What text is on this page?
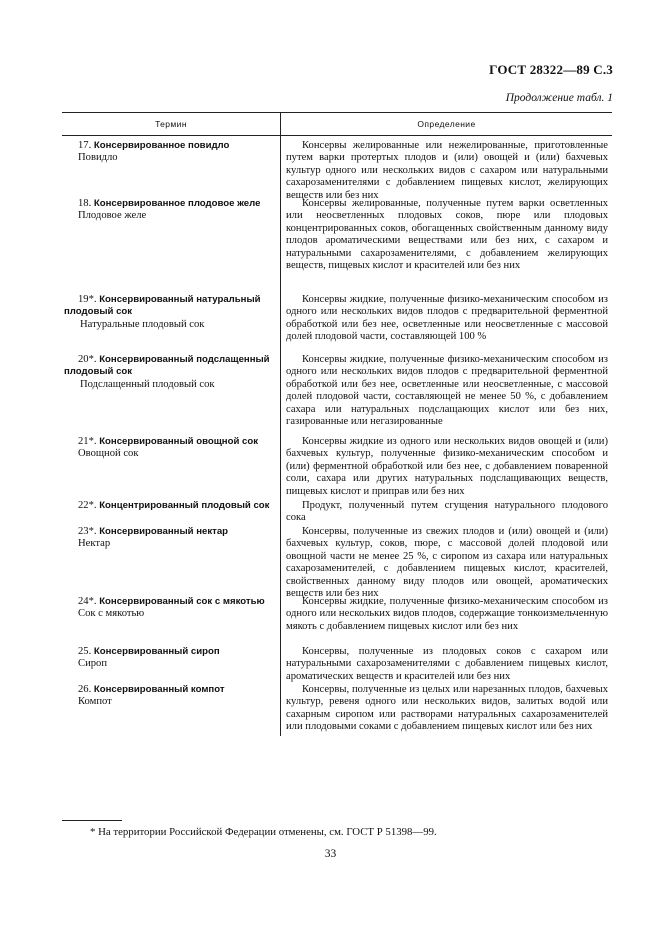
ГОСТ 28322—89 С.3
Продолжение табл. 1
Термин	Определение
17. Консервированное повидло
Повидло
Консервы желированные или нежелированные, приготовленные путем варки протертых плодов и (или) овощей и (или) бахчевых культур одного или нескольких видов с сахаром или натуральными сахарозаменителями с добавлением пищевых кислот, желирующих веществ или без них
18. Консервированное плодовое желе
Плодовое желе
Консервы желированные, полученные путем варки осветленных или неосветленных плодовых соков, пюре или плодовых концентрированных соков, обогащенных свойственным данному виду плодов ароматическими веществами или без них, с сахаром и натуральными сахарозаменителями, с добавлением желирующих веществ, пищевых кислот и красителей или без них
19*. Консервированный натуральный плодовый сок
Натуральные плодовый сок
Консервы жидкие, полученные физико-механическим способом из одного или нескольких видов плодов с предварительной ферментной обработкой или без нее, осветленные или неосветленные с массовой долей плодовой части, составляющей 100 %
20*. Консервированный подслащенный плодовый сок
Подслащенный плодовый сок
Консервы жидкие, полученные физико-механическим способом из одного или нескольких видов плодов с предварительной ферментной обработкой или без нее, осветленные или неосветленные, с массовой долей плодовой части, составляющей не менее 50 %, с добавлением сахара или натуральных подслащающих кислот или без них, газированные или негазированные
21*. Консервированный овощной сок
Овощной сок
Консервы жидкие из одного или нескольких видов овощей и (или) бахчевых культур, полученные физико-механическим способом и (или) ферментной обработкой или без нее, с добавлением поваренной соли, сахара или других натуральных подслащивающих веществ, пищевых кислот и приправ или без них
22*. Концентрированный плодовый сок	Продукт, полученный путем сгущения натурального плодового сока
23*. Консервированный нектар
Нектар
Консервы, полученные из свежих плодов и (или) овощей и (или) бахчевых культур, соков, пюре, с массовой долей плодовой или овощной части не менее 25 %, с сиропом из сахара или натуральных сахарозаменителей, с добавлением пищевых кислот, красителей, свойственных данному виду плодов или овощей, ароматических веществ или без них
24*. Консервированный сок с мякотью
Сок с мякотью
Консервы жидкие, полученные физико-механическим способом из одного или нескольких видов плодов, содержащие тонкоизмельченную мякоть с добавлением пищевых кислот или без них
25. Консервированный сироп
Сироп
Консервы, полученные из плодовых соков с сахаром или натуральными сахарозаменителями с добавлением пищевых кислот, ароматических веществ и красителей или без них
26. Консервированный компот
Компот
Консервы, полученные из целых или нарезанных плодов, бахчевых культур, ревеня одного или нескольких видов, залитых водой или сахарным сиропом или растворами натуральных сахарозаменителей или плодовыми соками с добавлением пищевых кислот или без них
* На территории Российской Федерации отменены, см. ГОСТ Р 51398—99.
33
